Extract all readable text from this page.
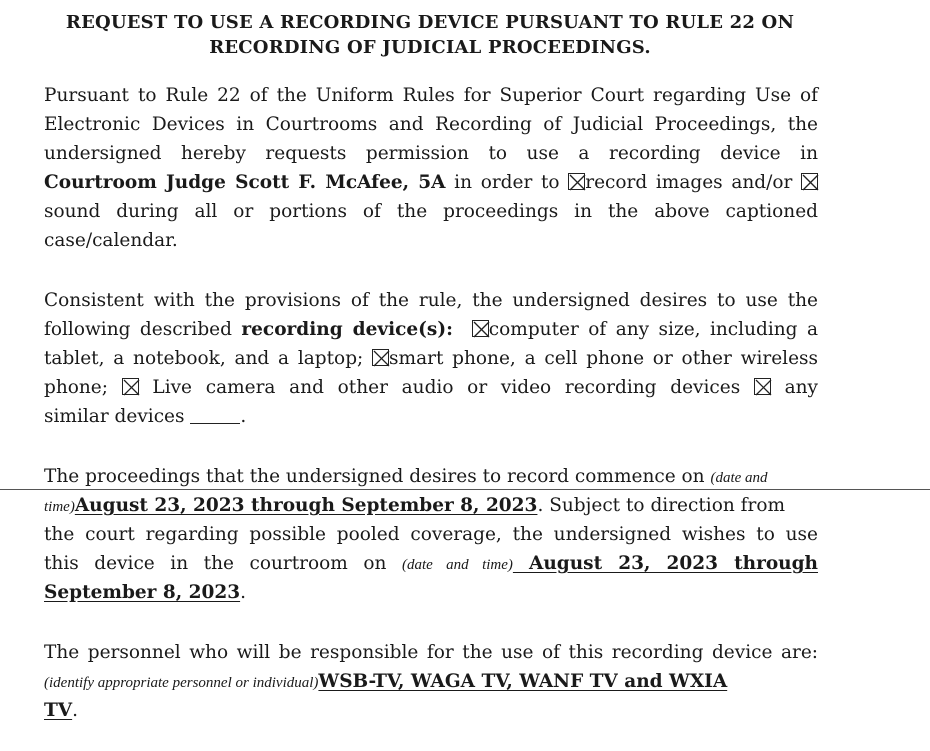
REQUEST TO USE A RECORDING DEVICE PURSUANT TO RULE 22 ON
RECORDING OF JUDICIAL PROCEEDINGS.
Pursuant to Rule 22 of the Uniform Rules for Superior Court regarding Use of
Electronic Devices in Courtrooms and Recording of Judicial Proceedings, the
undersigned hereby requests permission to use a recording device in
Courtroom Judge Scott F. McAfee, 5A in order to
record images and/or
sound during all or portions of the proceedings in the above captioned
case/calendar.
Consistent with the provisions of the rule, the undersigned desires to use the
following described recording device(s): computer of any size, including a
tablet, a notebook, and a laptop;
smart phone, a cell phone or other wireless
phone;
Live camera and other audio or video recording devices
any
similar devices	.
The proceedings that the undersigned desires to record commence on (date and
time)August 23, 2023 through September 8, 2023. Subject to direction from
the court regarding possible pooled coverage, the undersigned wishes to use
this device in the courtroom on (date and time) August 23, 2023 through
September 8, 2023.
The personnel who will be responsible for the use of this recording device are:
(identify appropriate personnel or individual)WSB-TV, WAGA TV, WANF TV and WXIA
TV.
